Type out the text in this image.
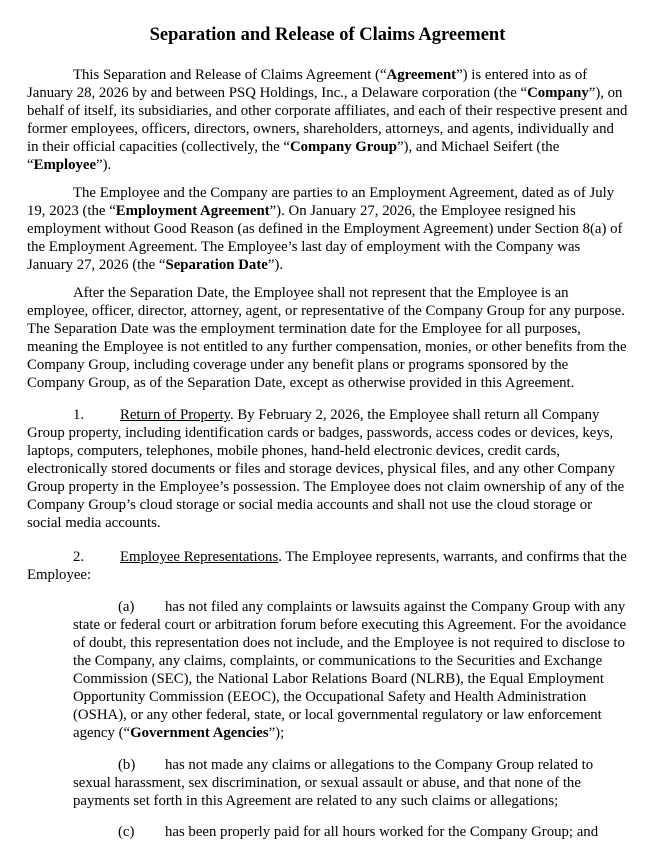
Separation and Release of Claims Agreement

This Separation and Release of Claims Agreement (“Agreement”) is entered into as of January 28, 2026 by and between PSQ Holdings, Inc., a Delaware corporation (the “Company”), on behalf of itself, its subsidiaries, and other corporate affiliates, and each of their respective present and former employees, officers, directors, owners, shareholders, attorneys, and agents, individually and in their official capacities (collectively, the “Company Group”), and Michael Seifert (the “Employee”).

The Employee and the Company are parties to an Employment Agreement, dated as of July 19, 2023 (the “Employment Agreement”). On January 27, 2026, the Employee resigned his employment without Good Reason (as defined in the Employment Agreement) under Section 8(a) of the Employment Agreement. The Employee’s last day of employment with the Company was January 27, 2026 (the “Separation Date”).

After the Separation Date, the Employee shall not represent that the Employee is an employee, officer, director, attorney, agent, or representative of the Company Group for any purpose. The Separation Date was the employment termination date for the Employee for all purposes, meaning the Employee is not entitled to any further compensation, monies, or other benefits from the Company Group, including coverage under any benefit plans or programs sponsored by the Company Group, as of the Separation Date, except as otherwise provided in this Agreement.

1. Return of Property. By February 2, 2026, the Employee shall return all Company Group property, including identification cards or badges, passwords, access codes or devices, keys, laptops, computers, telephones, mobile phones, hand-held electronic devices, credit cards, electronically stored documents or files and storage devices, physical files, and any other Company Group property in the Employee’s possession. The Employee does not claim ownership of any of the Company Group’s cloud storage or social media accounts and shall not use the cloud storage or social media accounts.

2. Employee Representations. The Employee represents, warrants, and confirms that the Employee:

(a) has not filed any complaints or lawsuits against the Company Group with any state or federal court or arbitration forum before executing this Agreement. For the avoidance of doubt, this representation does not include, and the Employee is not required to disclose to the Company, any claims, complaints, or communications to the Securities and Exchange Commission (SEC), the National Labor Relations Board (NLRB), the Equal Employment Opportunity Commission (EEOC), the Occupational Safety and Health Administration (OSHA), or any other federal, state, or local governmental regulatory or law enforcement agency (“Government Agencies”);

(b) has not made any claims or allegations to the Company Group related to sexual harassment, sex discrimination, or sexual assault or abuse, and that none of the payments set forth in this Agreement are related to any such claims or allegations;

(c) has been properly paid for all hours worked for the Company Group; and
